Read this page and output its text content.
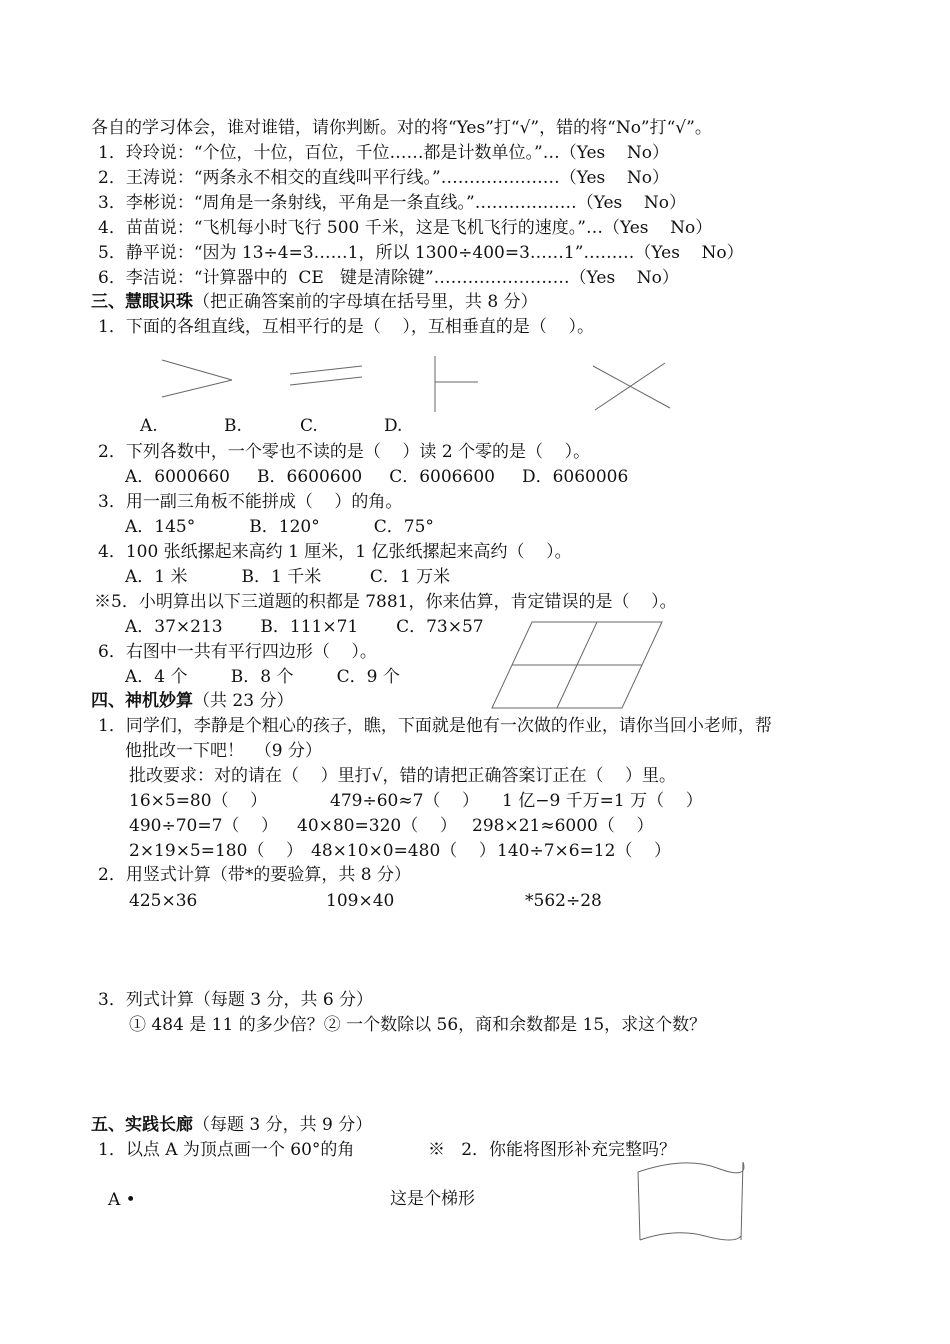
各自的学习体会，谁对谁错，请你判断。对的将“Yes”打“√”，错的将“No”打“√”。
1．玲玲说：“个位，十位，百位，千位……都是计数单位。”…（Yes    No）
2．王涛说：“两条永不相交的直线叫平行线。”…………………（Yes    No）
3．李彬说：“周角是一条射线，平角是一条直线。”………………（Yes    No）
4．苗苗说：“飞机每小时飞行 500 千米，这是飞机飞行的速度。”…（Yes    No）
5．静平说：“因为 13÷4=3……1，所以 1300÷400=3……1”………（Yes    No）
6．李洁说：“计算器中的  CE   键是清除键”……………………（Yes    No）
三、慧眼识珠（把正确答案前的字母填在括号里，共 8 分）
1．下面的各组直线，互相平行的是（    ），互相垂直的是（    ）。
A.	B.	C.	D.
2．下列各数中，一个零也不读的是（    ）读 2 个零的是（    ）。
A．6000660     B．6600600     C．6006600     D．6060006
3．用一副三角板不能拼成（    ）的角。
A．145°          B．120°          C．75°
4．100 张纸摞起来高约 1 厘米，1 亿张纸摞起来高约（    ）。
A．1 米          B．1 千米         C．1 万米
※5．小明算出以下三道题的积都是 7881，你来估算，肯定错误的是（    ）。
A．37×213       B．111×71       C．73×57
6．右图中一共有平行四边形（    ）。
A．4 个        B．8 个        C．9 个
四、神机妙算（共 23 分）
1．同学们，李静是个粗心的孩子，瞧，下面就是他有一次做的作业，请你当回小老师，帮
他批改一下吧！  （9 分）
批改要求：对的请在（    ）里打√，错的请把正确答案订正在（    ）里。
16×5=80（    ）	479÷60≈7（    ） 1 亿−9 千万=1 万（    ）
490÷70=7（    ） 40×80=320（    ） 298×21≈6000（    ）
2×19×5=180（    ） 48×10×0=480（    ） 140÷7×6=12（    ）
2．用竖式计算（带*的要验算，共 8 分）
425×36	109×40	*562÷28
3．列式计算（每题 3 分，共 6 分）
① 484 是 11 的多少倍？② 一个数除以 56，商和余数都是 15，求这个数？
五、实践长廊（每题 3 分，共 9 分）
1．以点 A 为顶点画一个 60°的角	※   2．你能将图形补充完整吗？
A •	这是个梯形
